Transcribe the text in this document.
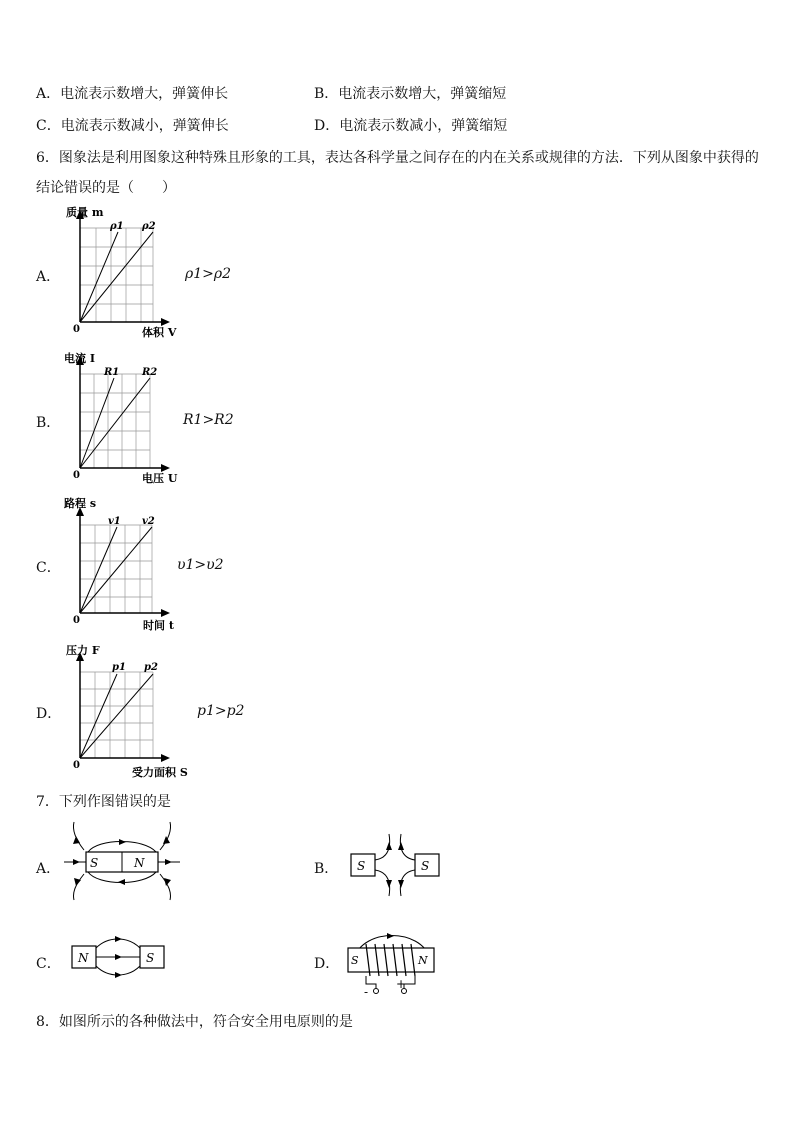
A．电流表示数增大，弹簧伸长	B．电流表示数增大，弹簧缩短
C．电流表示数减小，弹簧伸长	D．电流表示数减小，弹簧缩短
6．图象法是利用图象这种特殊且形象的工具，表达各科学量之间存在的内在关系或规律的方法．下列从图象中获得的
结论错误的是（　　）
A．
质量 m
ρ1 ρ2
0	体积 V
ρ1>ρ2
B．
电流 I
R1 R2
0	电压 U
R1>R2
C．
路程 s
v1 v2
0	时间 t
υ1>υ2
D．
压力 F
p1 p2
0
受力面积 S
p1>p2
7．下列作图错误的是
A． S	N	B． S	S
C． N	S	D． S	N
-
+
8．如图所示的各种做法中，符合安全用电原则的是
